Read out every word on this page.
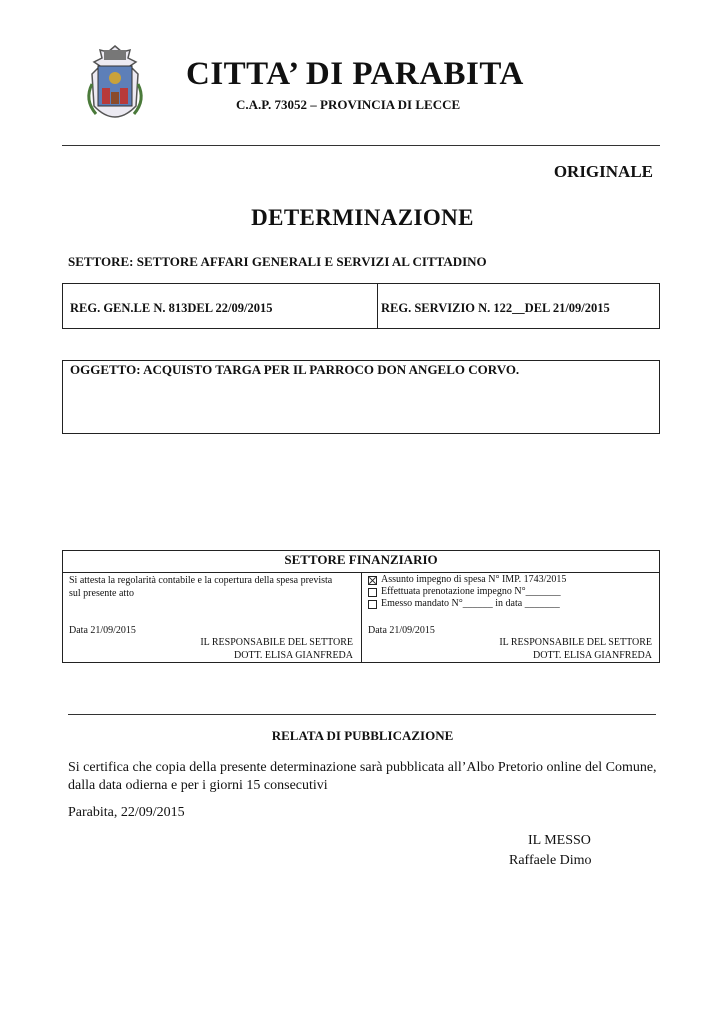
CITTA’ DI PARABITA
C.A.P. 73052 – PROVINCIA DI LECCE
ORIGINALE
DETERMINAZIONE
SETTORE: SETTORE AFFARI GENERALI E SERVIZI AL CITTADINO
REG. GEN.LE N. 813DEL 22/09/2015	REG. SERVIZIO N. 122__DEL 21/09/2015
OGGETTO: ACQUISTO TARGA PER IL PARROCO DON ANGELO CORVO.
SETTORE FINANZIARIO
Si attesta la regolarità contabile e la copertura della spesa prevista sul presente atto
Data 21/09/2015
IL RESPONSABILE DEL SETTORE
DOTT. ELISA GIANFREDA
Assunto impegno di spesa N° IMP. 1743/2015
Effettuata prenotazione impegno N°_______
Emesso mandato N°______ in data _______
Data 21/09/2015
IL RESPONSABILE DEL SETTORE
DOTT. ELISA GIANFREDA
RELATA DI PUBBLICAZIONE
Si certifica che copia della presente determinazione sarà pubblicata all’Albo Pretorio online del Comune, dalla data odierna e per i giorni 15 consecutivi
Parabita, 22/09/2015
IL MESSO
Raffaele Dimo
